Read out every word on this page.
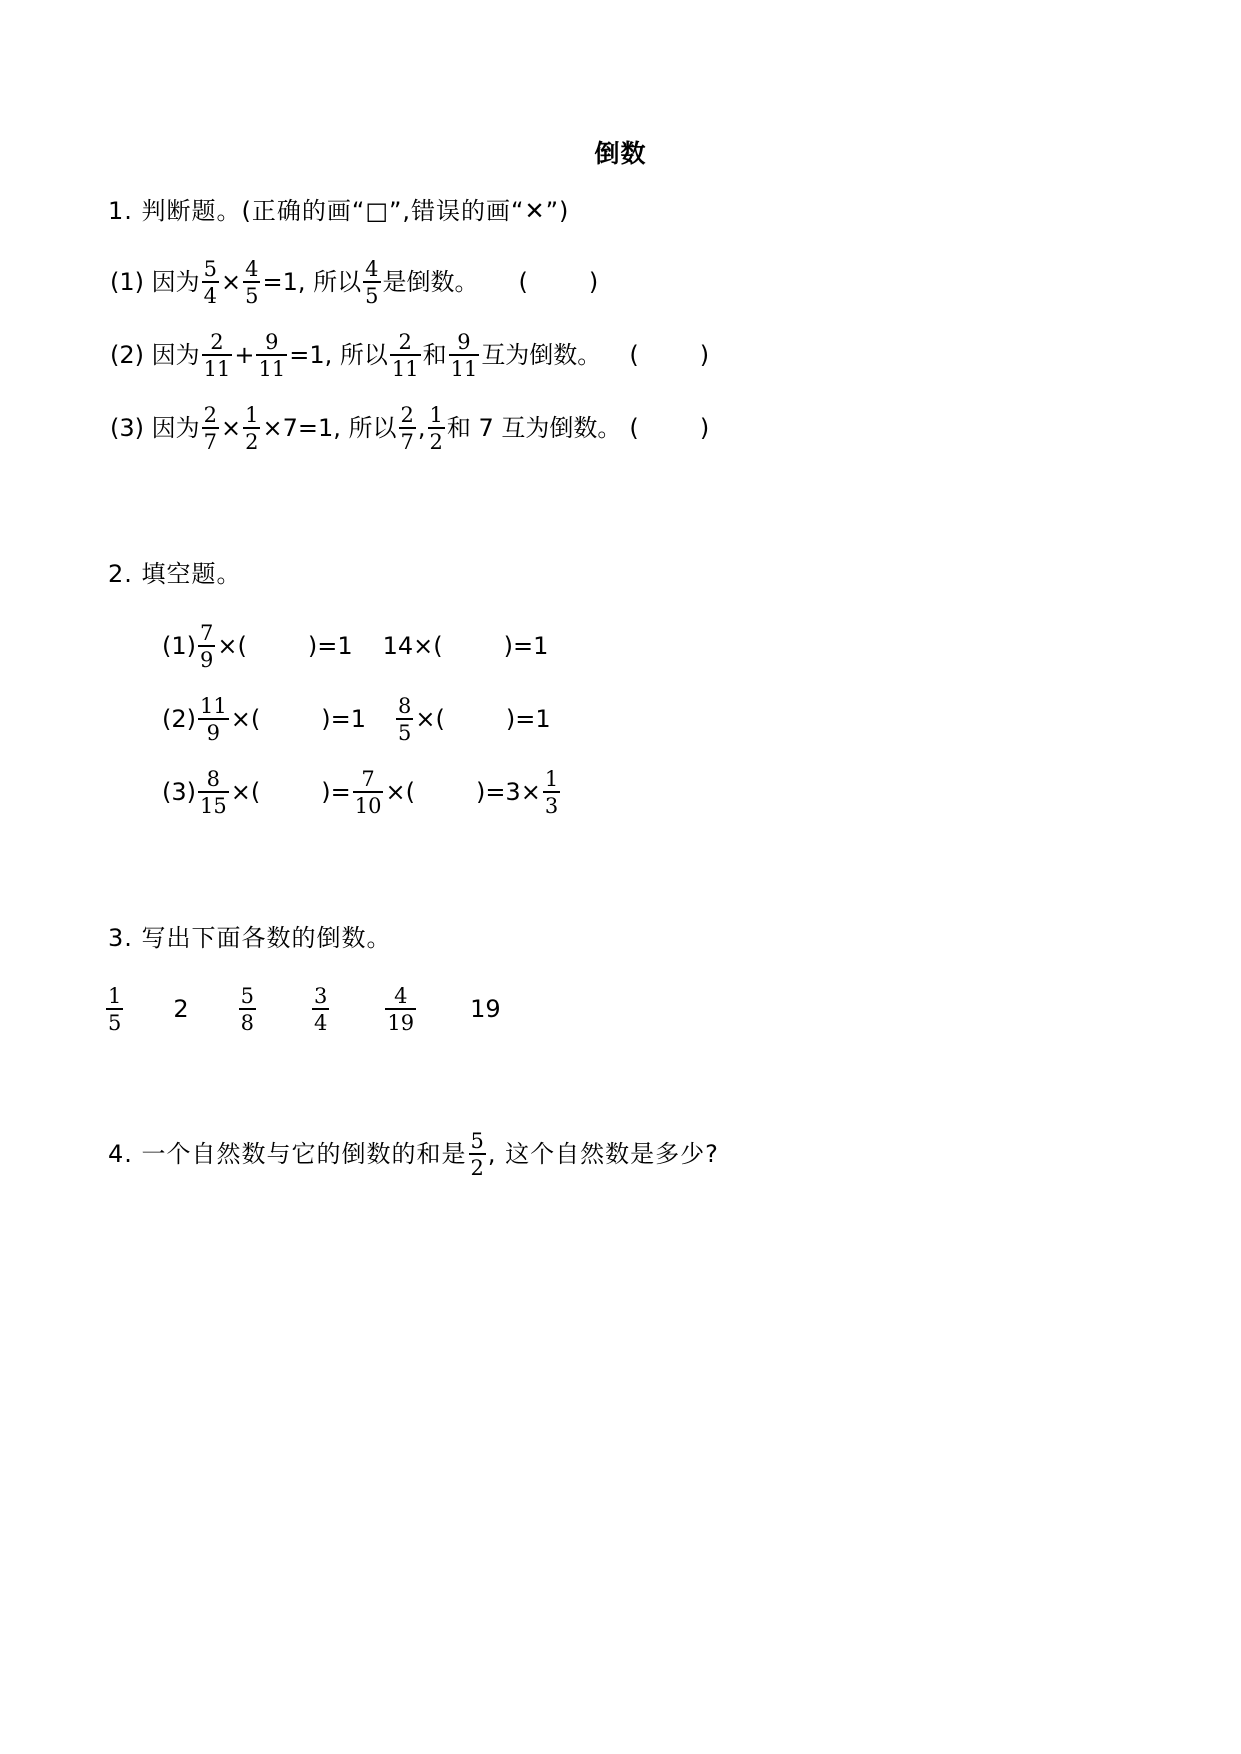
倒数
1. 判断题。(正确的画“□”,错误的画“✕”)
(1) 因为 $\frac{5}{4} \times \frac{4}{5} =1$, 所以 $\frac{4}{5}$ 是倒数。 (        )
(2) 因为 $\frac{2}{11} + \frac{9}{11} =1$, 所以 $\frac{2}{11}$ 和 $\frac{9}{11}$ 互为倒数。 (        )
(3) 因为 $\frac{2}{7} \times \frac{1}{2} \times 7=1$, 所以 $\frac{2}{7}$ , $\frac{1}{2}$ 和 7 互为倒数。 (        )
2. 填空题。
$(1) \frac{7}{9}$ ×(        )=1 14×(        )=1
$(2) \frac{11}{9}$ ×(        )$=1 \frac{8}{5}$ ×(        )=1
$(3) \frac{8}{15}$ ×(        )= $\frac{7}{10}$ ×(        )$=3\times \frac{1}{3}$
3. 写出下面各数的倒数。
$\frac{1}{5} 2 \frac{5}{8}$	$\frac{3}{4}$	$\frac{4}{19} 19$
4. 一个自然数与它的倒数的和是 $\frac{5}{2}$ , 这个自然数是多少?
